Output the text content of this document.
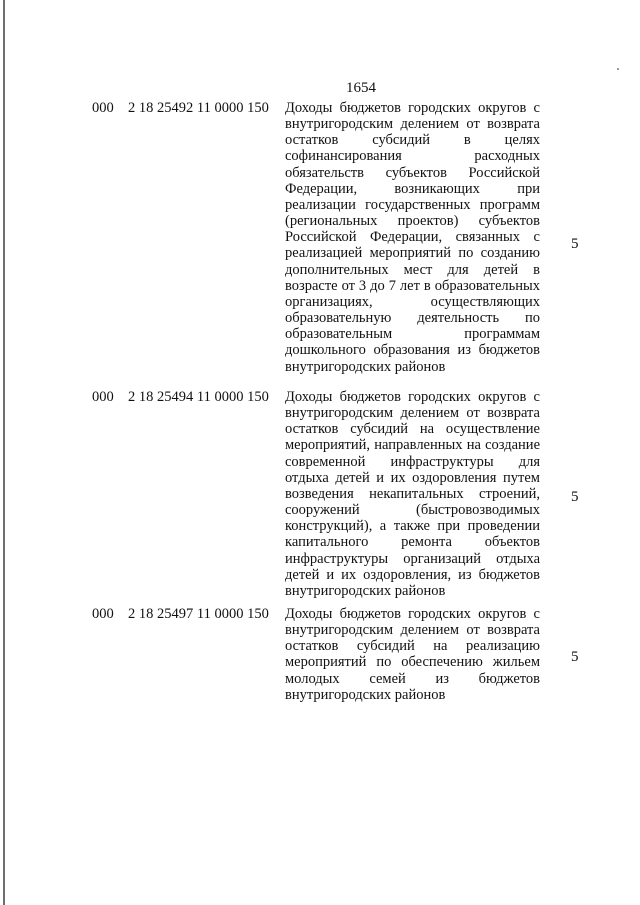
1654
000 2 18 25492 11 0000 150 Доходы бюджетов городских округов с внутригородским делением от возврата остатков субсидий в целях софинансирования расходных обязательств субъектов Российской Федерации, возникающих при реализации государственных программ (региональных проектов) субъектов Российской Федерации, связанных с реализацией мероприятий по созданию дополнительных мест для детей в возрасте от 3 до 7 лет в образовательных организациях, осуществляющих образовательную деятельность по образовательным программам дошкольного образования из бюджетов внутригородских районов
5
000 2 18 25494 11 0000 150 Доходы бюджетов городских округов с внутригородским делением от возврата остатков субсидий на осуществление мероприятий, направленных на создание современной инфраструктуры для отдыха детей и их оздоровления путем возведения некапитальных строений, сооружений (быстровозводимых конструкций), а также при проведении капитального ремонта объектов инфраструктуры организаций отдыха детей и их оздоровления, из бюджетов внутригородских районов
5
000 2 18 25497 11 0000 150 Доходы бюджетов городских округов с внутригородским делением от возврата остатков субсидий на реализацию мероприятий по обеспечению жильем молодых семей из бюджетов внутригородских районов
5
